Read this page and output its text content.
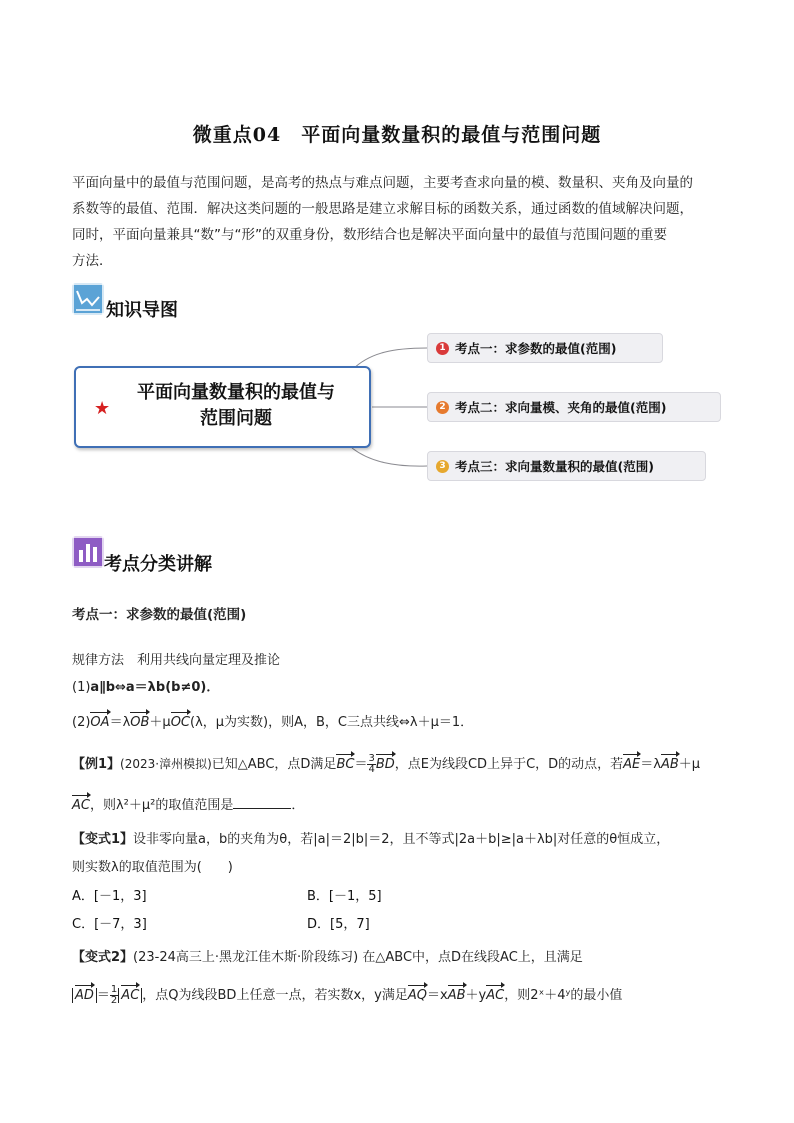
微重点04　平面向量数量积的最值与范围问题

平面向量中的最值与范围问题，是高考的热点与难点问题，主要考查求向量的模、数量积、夹角及向量的

系数等的最值、范围．解决这类问题的一般思路是建立求解目标的函数关系，通过函数的值域解决问题，

同时，平面向量兼具“数”与“形”的双重身份，数形结合也是解决平面向量中的最值与范围问题的重要

方法．

知识导图
★
平面向量数量积的最值与
范围问题
1 考点一：求参数的最值(范围)
2 考点二：求向量模、夹角的最值(范围)
3 考点三：求向量数量积的最值(范围)
考点分类讲解
考点一：求参数的最值(范围)
规律方法　利用共线向量定理及推论
(1)a∥b⇔a＝λb(b≠0)．
(2)OA＝λOB＋μOC(λ，μ为实数)，则A，B，C三点共线⇔λ＋μ＝1．
【例1】(2023·漳州模拟)已知△ABC，点D满足$BC= \frac{3}{4}$ BD，点E为线段CD上异于C，D的动点，若AE＝λAB＋μ
AC，则λ²＋μ²的取值范围是	．
【变式1】设非零向量a，b的夹角为θ，若|a|＝2|b|＝2，且不等式|2a＋b|≥|a＋λb|对任意的θ恒成立，
则实数λ的取值范围为(　　)
A．[－1，3]	B．[－1，5]
C．[－7，3]	D．[5，7]
【变式2】(23-24高三上·黑龙江佳木斯·阶段练习) 在△ABC中，点D在线段AC上，且满足
AD ＝ $\frac{1}{2}$ AC ，点Q为线段BD上任意一点，若实数x，y满足AQ＝xAB＋yAC，则2ˣ＋4ʸ的最小值
